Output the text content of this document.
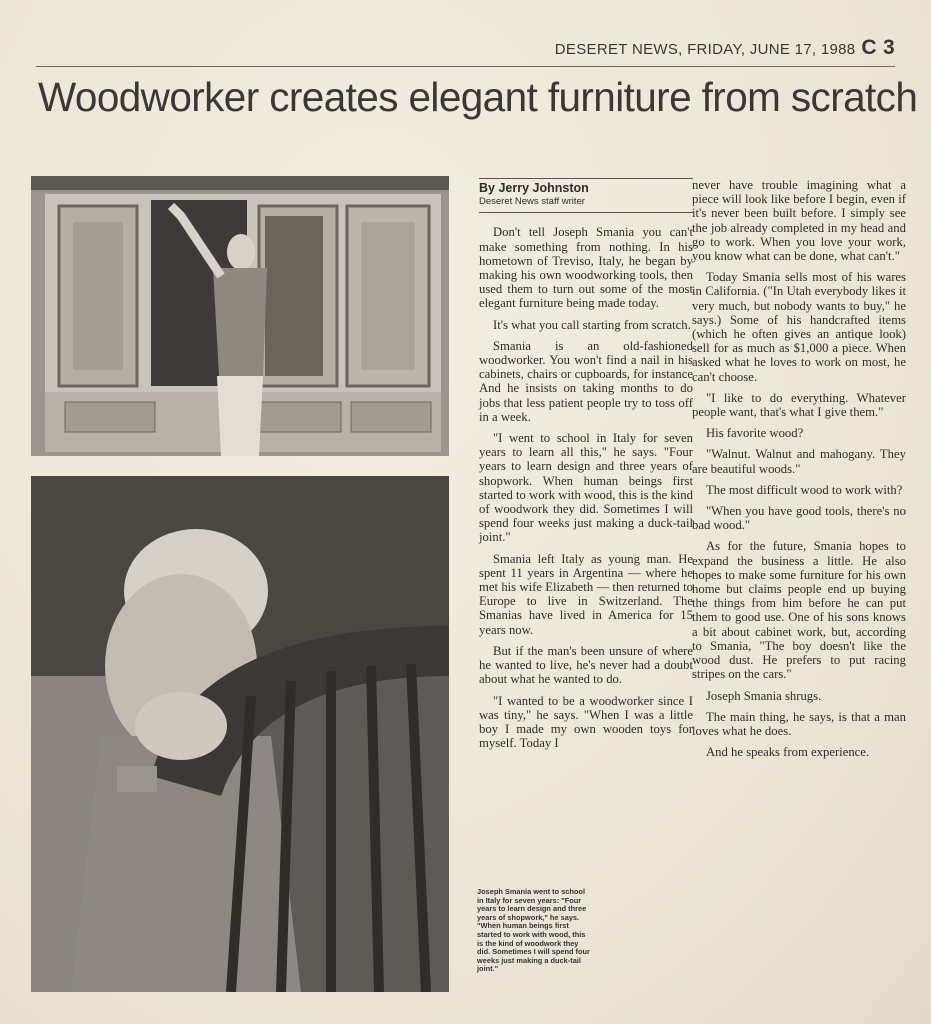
DESERET NEWS, FRIDAY, JUNE 17, 1988 C 3
Woodworker creates elegant furniture from scratch
Joseph Smania went to school in Italy for seven years: "Four years to learn design and three years of shopwork," he says. "When human beings first started to work with wood, this is the kind of woodwork they did. Sometimes I will spend four weeks just making a duck-tail joint."
By Jerry Johnston
Deseret News staff writer

Don't tell Joseph Smania you can't make something from nothing. In his hometown of Treviso, Italy, he began by making his own woodworking tools, then used them to turn out some of the most elegant furniture being made today.

It's what you call starting from scratch.

Smania is an old-fashioned woodworker. You won't find a nail in his cabinets, chairs or cupboards, for instance And he insists on taking months to do jobs that less patient people try to toss off in a week.

"I went to school in Italy for seven years to learn all this," he says. "Four years to learn design and three years of shopwork. When human beings first started to work with wood, this is the kind of woodwork they did. Sometimes I will spend four weeks just making a duck-tail joint."

Smania left Italy as young man. He spent 11 years in Argentina — where he met his wife Elizabeth — then returned to Europe to live in Switzerland. The Smanias have lived in America for 15 years now.

But if the man's been unsure of where he wanted to live, he's never had a doubt about what he wanted to do.

"I wanted to be a woodworker since I was tiny," he says. "When I was a little boy I made my own wooden toys for myself. Today I

never have trouble imagining what a piece will look like before I begin, even if it's never been built before. I simply see the job already completed in my head and go to work. When you love your work, you know what can be done, what can't."

Today Smania sells most of his wares in California. ("In Utah everybody likes it very much, but nobody wants to buy," he says.) Some of his handcrafted items (which he often gives an antique look) sell for as much as $1,000 a piece. When asked what he loves to work on most, he can't choose.

"I like to do everything. Whatever people want, that's what I give them."

His favorite wood?

"Walnut. Walnut and mahogany. They are beautiful woods."

The most difficult wood to work with?

"When you have good tools, there's no bad wood."

As for the future, Smania hopes to expand the business a little. He also hopes to make some furniture for his own home but claims people end up buying the things from him before he can put them to good use. One of his sons knows a bit about cabinet work, but, according to Smania, "The boy doesn't like the wood dust. He prefers to put racing stripes on the cars."

Joseph Smania shrugs.

The main thing, he says, is that a man loves what he does.

And he speaks from experience.
